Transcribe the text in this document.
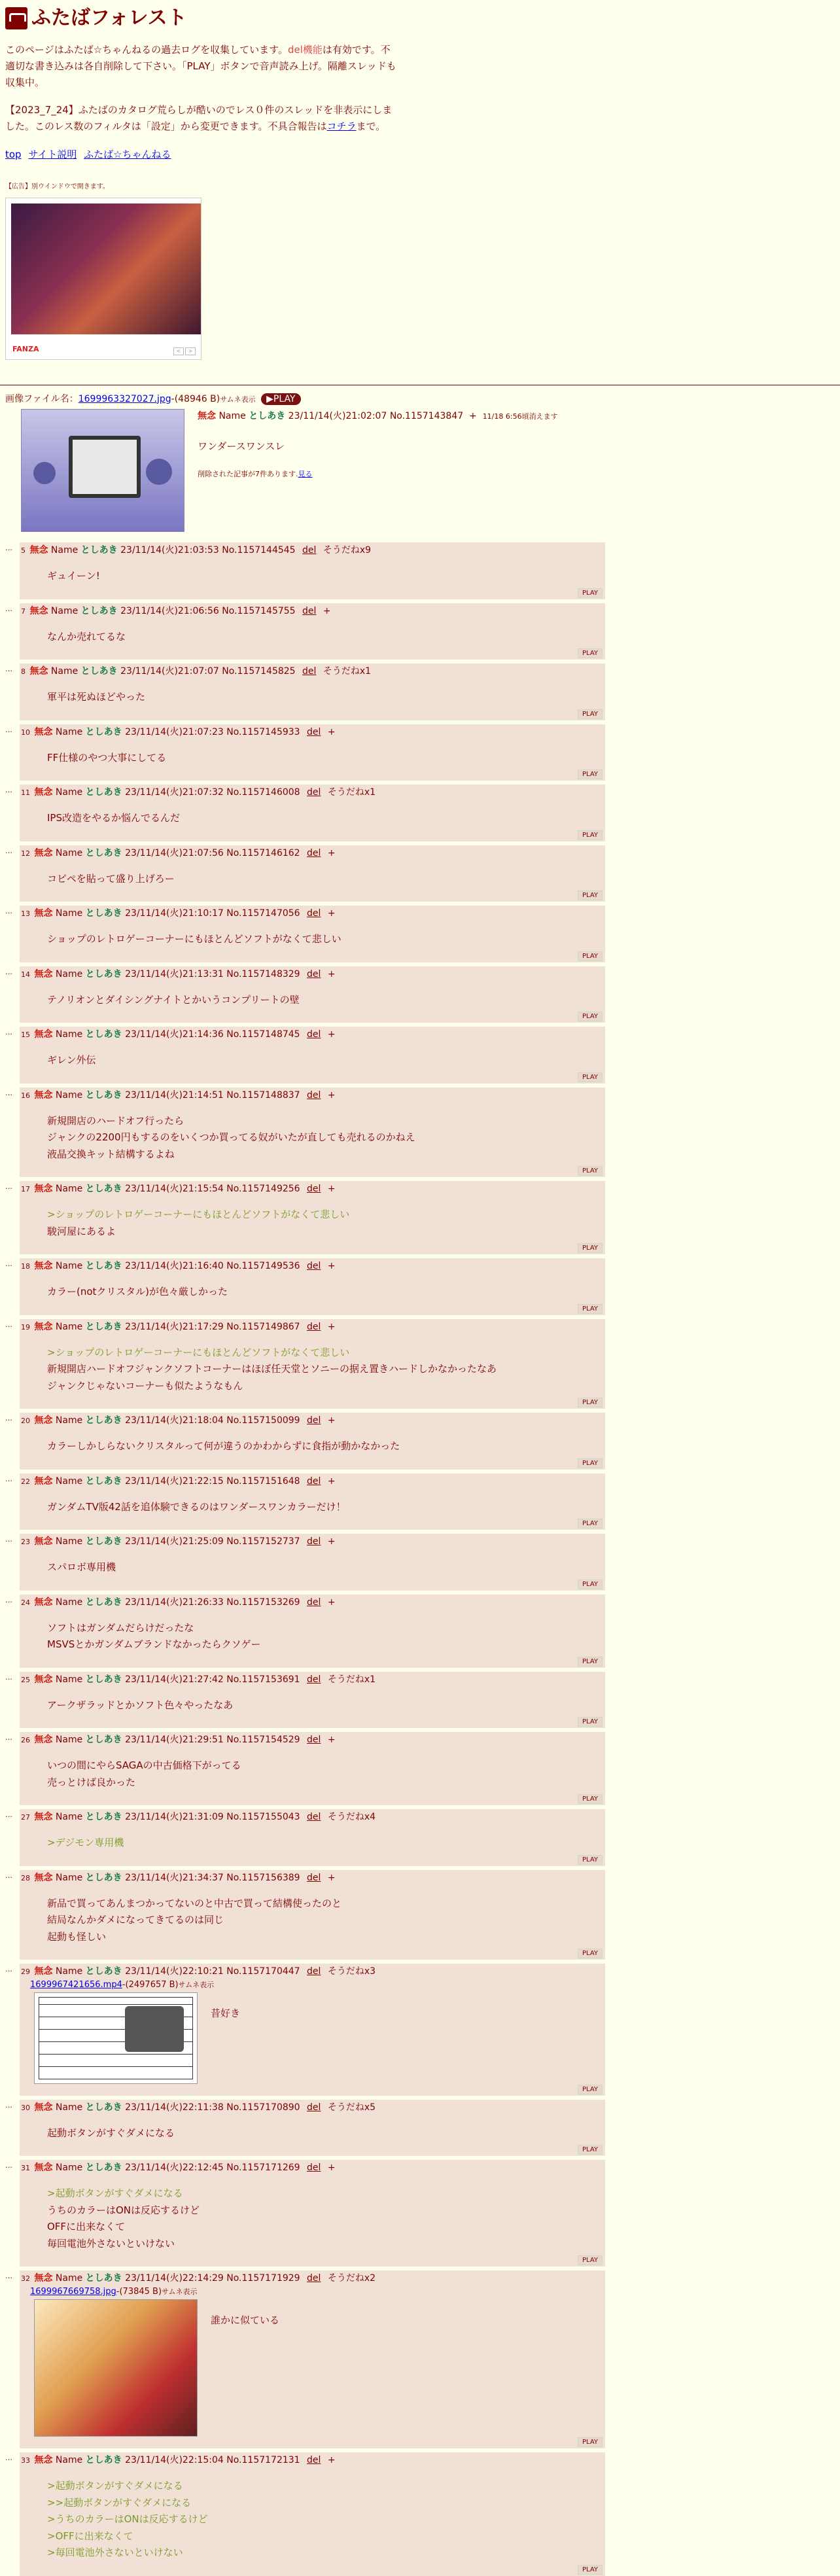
ふたばフォレスト

このページはふたば☆ちゃんねるの過去ログを収集しています。del機能は有効です。不適切な書き込みは各自削除して下さい。「PLAY」ボタンで音声読み上げ。隔離スレッドも収集中。

【2023_7_24】ふたばのカタログ荒らしが酷いのでレス０件のスレッドを非表示にしました。このレス数のフィルタは「設定」から変更できます。不具合報告はコチラまで。

top サイト説明 ふたば☆ちゃんねる
【広告】別ウインドウで開きます。
FANZA	<	>
画像ファイル名：1699963327027.jpg-(48946 B)サムネ表示 ▶PLAY
無念 Name としあき 23/11/14(火)21:02:07 No.1157143847 + 11/18 6:56頃消えます
ワンダースワンスレ
削除された記事が7件あります.見る
…	5 無念 Name としあき 23/11/14(火)21:03:53 No.1157144545 del そうだねx9
ギュイーン!
PLAY
…	7 無念 Name としあき 23/11/14(火)21:06:56 No.1157145755 del +
なんか売れてるな
PLAY
…	8 無念 Name としあき 23/11/14(火)21:07:07 No.1157145825 del そうだねx1
軍平は死ぬほどやった
PLAY
…	10 無念 Name としあき 23/11/14(火)21:07:23 No.1157145933 del +
FF仕様のやつ大事にしてる
PLAY
…	11 無念 Name としあき 23/11/14(火)21:07:32 No.1157146008 del そうだねx1
IPS改造をやるか悩んでるんだ
PLAY
…	12 無念 Name としあき 23/11/14(火)21:07:56 No.1157146162 del +
コピペを貼って盛り上げろー
PLAY
…	13 無念 Name としあき 23/11/14(火)21:10:17 No.1157147056 del +
ショップのレトロゲーコーナーにもほとんどソフトがなくて悲しい
PLAY
…	14 無念 Name としあき 23/11/14(火)21:13:31 No.1157148329 del +
テノリオンとダイシングナイトとかいうコンプリートの壁
PLAY
…	15 無念 Name としあき 23/11/14(火)21:14:36 No.1157148745 del +
ギレン外伝
PLAY
…	16 無念 Name としあき 23/11/14(火)21:14:51 No.1157148837 del +
新規開店のハードオフ行ったら
ジャンクの2200円もするのをいくつか買ってる奴がいたが直しても売れるのかねえ
液晶交換キット結構するよね
PLAY
…	17 無念 Name としあき 23/11/14(火)21:15:54 No.1157149256 del +
>ショップのレトロゲーコーナーにもほとんどソフトがなくて悲しい
駿河屋にあるよ
PLAY
…	18 無念 Name としあき 23/11/14(火)21:16:40 No.1157149536 del +
カラー(notクリスタル)が色々厳しかった
PLAY
…	19 無念 Name としあき 23/11/14(火)21:17:29 No.1157149867 del +
>ショップのレトロゲーコーナーにもほとんどソフトがなくて悲しい
新規開店ハードオフジャンクソフトコーナーはほぼ任天堂とソニーの据え置きハードしかなかったなあ
ジャンクじゃないコーナーも似たようなもん
PLAY
…	20 無念 Name としあき 23/11/14(火)21:18:04 No.1157150099 del +
カラーしかしらないクリスタルって何が違うのかわからずに食指が動かなかった
PLAY
…	22 無念 Name としあき 23/11/14(火)21:22:15 No.1157151648 del +
ガンダムTV版42話を追体験できるのはワンダースワンカラーだけ！
PLAY
…	23 無念 Name としあき 23/11/14(火)21:25:09 No.1157152737 del +
スパロボ専用機
PLAY
…	24 無念 Name としあき 23/11/14(火)21:26:33 No.1157153269 del +
ソフトはガンダムだらけだったな
MSVSとかガンダムブランドなかったらクソゲー
PLAY
…	25 無念 Name としあき 23/11/14(火)21:27:42 No.1157153691 del そうだねx1
アークザラッドとかソフト色々やったなあ
PLAY
…	26 無念 Name としあき 23/11/14(火)21:29:51 No.1157154529 del +
いつの間にやらSAGAの中古価格下がってる
売っとけば良かった
PLAY
…	27 無念 Name としあき 23/11/14(火)21:31:09 No.1157155043 del そうだねx4
>デジモン専用機
PLAY
…	28 無念 Name としあき 23/11/14(火)21:34:37 No.1157156389 del +
新品で買ってあんまつかってないのと中古で買って結構使ったのと
結局なんかダメになってきてるのは同じ
起動も怪しい
PLAY
…	29 無念 Name としあき 23/11/14(火)22:10:21 No.1157170447 del そうだねx3
1699967421656.mp4-(2497657 B)サムネ表示
昔好き
PLAY
…	30 無念 Name としあき 23/11/14(火)22:11:38 No.1157170890 del そうだねx5
起動ボタンがすぐダメになる
PLAY
…	31 無念 Name としあき 23/11/14(火)22:12:45 No.1157171269 del +
>起動ボタンがすぐダメになる
うちのカラーはONは反応するけど
OFFに出来なくて
毎回電池外さないといけない
PLAY
…	32 無念 Name としあき 23/11/14(火)22:14:29 No.1157171929 del そうだねx2
1699967669758.jpg-(73845 B)サムネ表示
誰かに似ている
PLAY
…	33 無念 Name としあき 23/11/14(火)22:15:04 No.1157172131 del +
>起動ボタンがすぐダメになる
>>起動ボタンがすぐダメになる
>うちのカラーはONは反応するけど
>OFFに出来なくて
>毎回電池外さないといけない
PLAY
